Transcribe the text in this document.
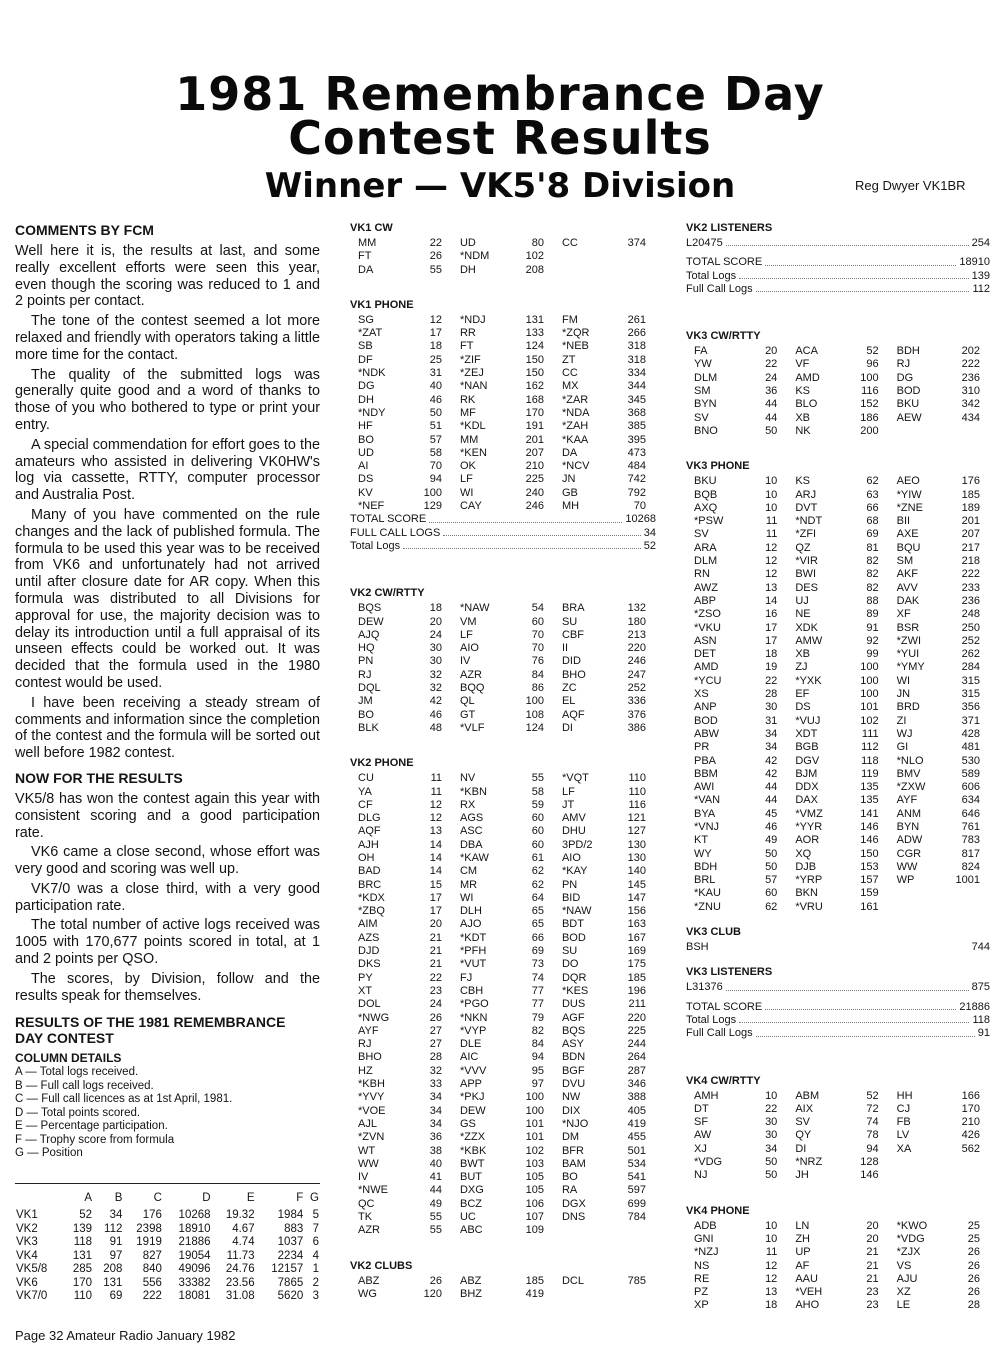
1981 Remembrance Day
Contest Results
Winner — VK5'8 Division	Reg Dwyer VK1BR

COMMENTS BY FCM

Well here it is, the results at last, and some really excellent efforts were seen this year, even though the scoring was reduced to 1 and 2 points per contact.

The tone of the contest seemed a lot more relaxed and friendly with operators taking a little more time for the contact.

The quality of the submitted logs was generally quite good and a word of thanks to those of you who bothered to type or print your entry.

A special commendation for effort goes to the amateurs who assisted in delivering VK0HW's log via cassette, RTTY, computer processor and Australia Post.

Many of you have commented on the rule changes and the lack of published formula. The formula to be used this year was to be received from VK6 and unfortunately had not arrived until after closure date for AR copy. When this formula was distributed to all Divisions for approval for use, the majority decision was to delay its introduction until a full appraisal of its unseen effects could be worked out. It was decided that the formula used in the 1980 contest would be used.

I have been receiving a steady stream of comments and information since the completion of the contest and the formula will be sorted out well before 1982 contest.

NOW FOR THE RESULTS

VK5/8 has won the contest again this year with consistent scoring and a good participation rate.

VK6 came a close second, whose effort was very good and scoring was well up.

VK7/0 was a close third, with a very good participation rate.

The total number of active logs received was 1005 with 170,677 points scored in total, at 1 and 2 points per QSO.

The scores, by Division, follow and the results speak for themselves.

RESULTS OF THE 1981 REMEMBRANCE DAY CONTEST

COLUMN DETAILS

A — Total logs received.
B — Full call logs received.
C — Full call licences as at 1st April, 1981.
D — Total points scored.
E — Percentage participation.
F — Trophy score from formula
G — Position
	A	B	C	D	E	F	G
VK1	52	34	176	10268	19.32	1984	5
VK2	139	112	2398	18910	4.67	883	7
VK3	118	91	1919	21886	4.74	1037	6
VK4	131	97	827	19054	11.73	2234	4
VK5/8	285	208	840	49096	24.76	12157	1
VK6	170	131	556	33382	23.56	7865	2
VK7/0	110	69	222	18081	31.08	5620	3
VK1 CW
MM	22	UD	80	CC	374
FT	26	*NDM	102		
DA	55	DH	208		
VK1 PHONE
SG	12	*NDJ	131	FM	261
*ZAT	17	RR	133	*ZQR	266
SB	18	FT	124	*NEB	318
DF	25	*ZIF	150	ZT	318
*NDK	31	*ZEJ	150	CC	334
DG	40	*NAN	162	MX	344
DH	46	RK	168	*ZAR	345
*NDY	50	MF	170	*NDA	368
HF	51	*KDL	191	*ZAH	385
BO	57	MM	201	*KAA	395
UD	58	*KEN	207	DA	473
AI	70	OK	210	*NCV	484
DS	94	LF	225	JN	742
KV	100	WI	240	GB	792
*NEF	129	CAY	246	MH	70
TOTAL SCORE	10268
FULL CALL LOGS	34
Total Logs	52
VK2 CW/RTTY
BQS	18	*NAW	54	BRA	132
DEW	20	VM	60	SU	180
AJQ	24	LF	70	CBF	213
HQ	30	AIO	70	II	220
PN	30	IV	76	DID	246
RJ	32	AZR	84	BHO	247
DQL	32	BQQ	86	ZC	252
JM	42	QL	100	EL	336
BO	46	GT	108	AQF	376
BLK	48	*VLF	124	DI	386
VK2 PHONE
CU	11	NV	55	*VQT	110
YA	11	*KBN	58	LF	110
CF	12	RX	59	JT	116
DLG	12	AGS	60	AMV	121
AQF	13	ASC	60	DHU	127
AJH	14	DBA	60	3PD/2	130
OH	14	*KAW	61	AIO	130
BAD	14	CM	62	*KAY	140
BRC	15	MR	62	PN	145
*KDX	17	WI	64	BID	147
*ZBQ	17	DLH	65	*NAW	156
AIM	20	AJO	65	BDT	163
AZS	21	*KDT	66	BOD	167
DJD	21	*PFH	69	SU	169
DKS	21	*VUT	73	DO	175
PY	22	FJ	74	DQR	185
XT	23	CBH	77	*KES	196
DOL	24	*PGO	77	DUS	211
*NWG	26	*NKN	79	AGF	220
AYF	27	*VYP	82	BQS	225
RJ	27	DLE	84	ASY	244
BHO	28	AIC	94	BDN	264
HZ	32	*VVV	95	BGF	287
*KBH	33	APP	97	DVU	346
*YVY	34	*PKJ	100	NW	388
*VOE	34	DEW	100	DIX	405
AJL	34	GS	101	*NJO	419
*ZVN	36	*ZZX	101	DM	455
WT	38	*KBK	102	BFR	501
WW	40	BWT	103	BAM	534
IV	41	BUT	105	BO	541
*NWE	44	DXG	105	RA	597
QC	49	BCZ	106	DGX	699
TK	55	UC	107	DNS	784
AZR	55	ABC	109		
VK2 CLUBS
ABZ	26	ABZ	185	DCL	785
WG	120	BHZ	419		
VK2 LISTENERS
L20475	254
TOTAL SCORE	18910
Total Logs	139
Full Call Logs	112
VK3 CW/RTTY
FA	20	ACA	52	BDH	202
YW	22	VF	96	RJ	222
DLM	24	AMD	100	DG	236
SM	36	KS	116	BOD	310
BYN	44	BLO	152	BKU	342
SV	44	XB	186	AEW	434
BNO	50	NK	200		
VK3 PHONE
BKU	10	KS	62	AEO	176
BQB	10	ARJ	63	*YIW	185
AXQ	10	DVT	66	*ZNE	189
*PSW	11	*NDT	68	BII	201
SV	11	*ZFI	69	AXE	207
ARA	12	QZ	81	BQU	217
DLM	12	*VIR	82	SM	218
RN	12	BWI	82	AKF	222
AWZ	13	DES	82	AVV	233
ABP	14	UJ	88	DAK	236
*ZSO	16	NE	89	XF	248
*VKU	17	XDK	91	BSR	250
ASN	17	AMW	92	*ZWI	252
DET	18	XB	99	*YUI	262
AMD	19	ZJ	100	*YMY	284
*YCU	22	*YXK	100	WI	315
XS	28	EF	100	JN	315
ANP	30	DS	101	BRD	356
BOD	31	*VUJ	102	ZI	371
ABW	34	XDT	111	WJ	428
PR	34	BGB	112	GI	481
PBA	42	DGV	118	*NLO	530
BBM	42	BJM	119	BMV	589
AWI	44	DDX	135	*ZXW	606
*VAN	44	DAX	135	AYF	634
BYA	45	*VMZ	141	ANM	646
*VNJ	46	*YYR	146	BYN	761
KT	49	AOR	146	ADW	783
WY	50	XQ	150	CGR	817
BDH	50	DJB	153	WW	824
BRL	57	*YRP	157	WP	1001
*KAU	60	BKN	159		
*ZNU	62	*VRU	161		
VK3 CLUB
BSH	744
VK3 LISTENERS
L31376	875
TOTAL SCORE	21886
Total Logs	118
Full Call Logs	91
VK4 CW/RTTY
AMH	10	ABM	52	HH	166
DT	22	AIX	72	CJ	170
SF	30	SV	74	FB	210
AW	30	QY	78	LV	426
XJ	34	DI	94	XA	562
*VDG	50	*NRZ	128		
NJ	50	JH	146		
VK4 PHONE
ADB	10	LN	20	*KWO	25
GNI	10	ZH	20	*VDG	25
*NZJ	11	UP	21	*ZJX	26
NS	12	AF	21	VS	26
RE	12	AAU	21	AJU	26
PZ	13	*VEH	23	XZ	26
XP	18	AHO	23	LE	28
Page 32 Amateur Radio January 1982
